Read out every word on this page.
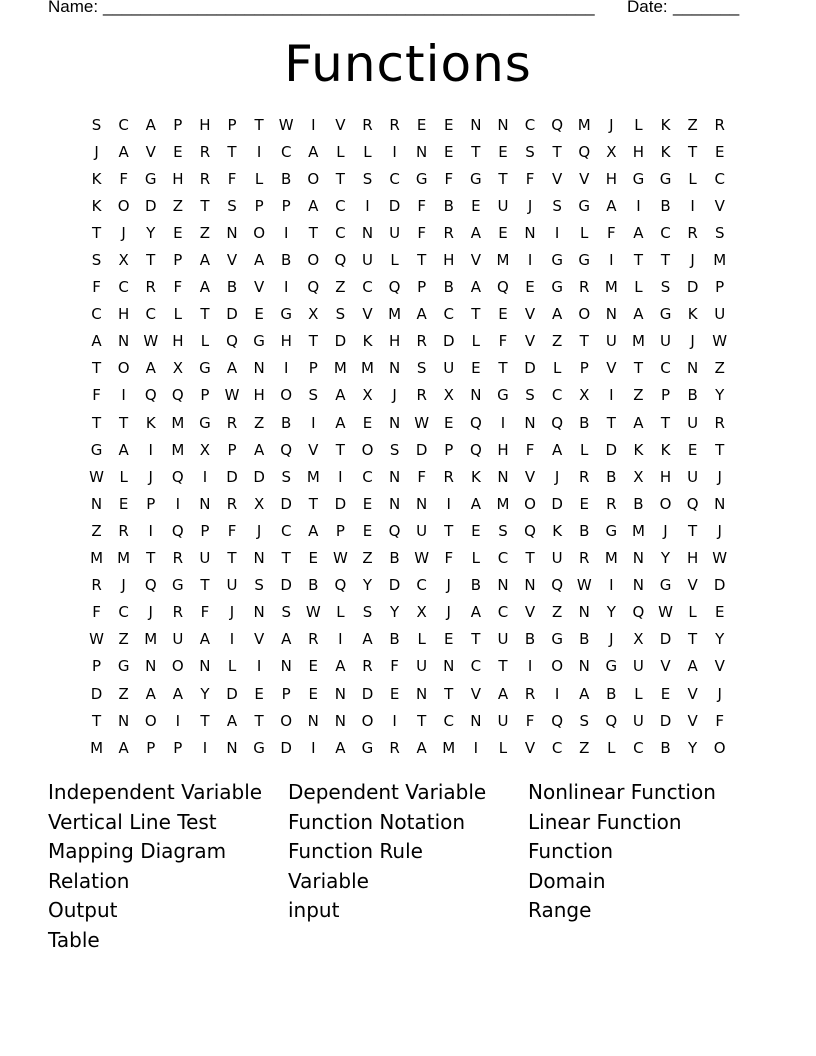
Name: ____________________________________________________ Date: _______
Functions
S	C	A	P	H	P	T	W	I	V	R	R	E	E	N	N	C	Q M	J	L	K	Z	R
J	A	V	E	R	T	I	C	A	L	L	I	N	E	T	E	S	T	Q	X	H	K	T	E
K	F	G	H	R	F	L	B	O	T	S	C	G	F	G	T	F	V	V	H	G	G	L	C
K	O	D	Z	T	S	P	P	A	C	I	D	F	B	E	U	J	S	G	A	I	B	I	V
T	J	Y	E	Z	N	O	I	T	C	N	U	F	R	A	E	N	I	L	F	A	C	R	S
S	X	T	P	A	V	A	B	O	Q	U	L	T	H	V	M	I	G	G	I	T	T	J	M
F	C	R	F	A	B	V	I	Q	Z	C	Q	P	B	A	Q	E	G	R	M	L	S	D	P
C	H	C	L	T	D	E	G	X	S	V	M	A	C	T	E	V	A	O	N	A	G	K	U
A	N W H	L	Q	G	H	T	D	K	H	R	D	L	F	V	Z	T	U	M	U	J	W
T	O	A	X	G	A	N	I	P	M M	N	S	U	E	T	D	L	P	V	T	C	N	Z
F	I	Q	Q	P	W H	O	S	A	X	J	R	X	N	G	S	C	X	I	Z	P	B	Y
T	T	K	M G	R	Z	B	I	A	E	N W E	Q	I	N	Q	B	T	A	T	U	R
G	A	I	M	X	P	A	Q	V	T	O	S	D	P	Q	H	F	A	L	D	K	K	E	T
W	L	J	Q	I	D	D	S	M	I	C	N	F	R	K	N	V	J	R	B	X	H	U	J
N	E	P	I	N	R	X	D	T	D	E	N	N	I	A	M O	D	E	R	B	O	Q	N
Z	R	I	Q	P	F	J	C	A	P	E	Q	U	T	E	S	Q	K	B	G M	J	T	J
M M	T	R	U	T	N	T	E W Z	B W	F	L	C	T	U	R	M	N	Y	H W
R	J	Q	G	T	U	S	D	B	Q	Y	D	C	J	B	N	N	Q W	I	N	G	V	D
F	C	J	R	F	J	N	S W	L	S	Y	X	J	A	C	V	Z	N	Y	Q W	L	E
W Z	M	U	A	I	V	A	R	I	A	B	L	E	T	U	B	G	B	J	X	D	T	Y
P	G	N	O	N	L	I	N	E	A	R	F	U	N	C	T	I	O	N	G	U	V	A	V
D	Z	A	A	Y	D	E	P	E	N	D	E	N	T	V	A	R	I	A	B	L	E	V	J
T	N	O	I	T	A	T	O	N	N	O	I	T	C	N	U	F	Q	S	Q	U	D	V	F
M	A	P	P	I	N	G	D	I	A	G	R	A	M	I	L	V	C	Z	L	C	B	Y	O
Independent Variable	Dependent Variable	Nonlinear Function
Vertical Line Test	Function Notation	Linear Function
Mapping Diagram	Function Rule	Function
Relation	Variable	Domain
Output	input	Range
Table
